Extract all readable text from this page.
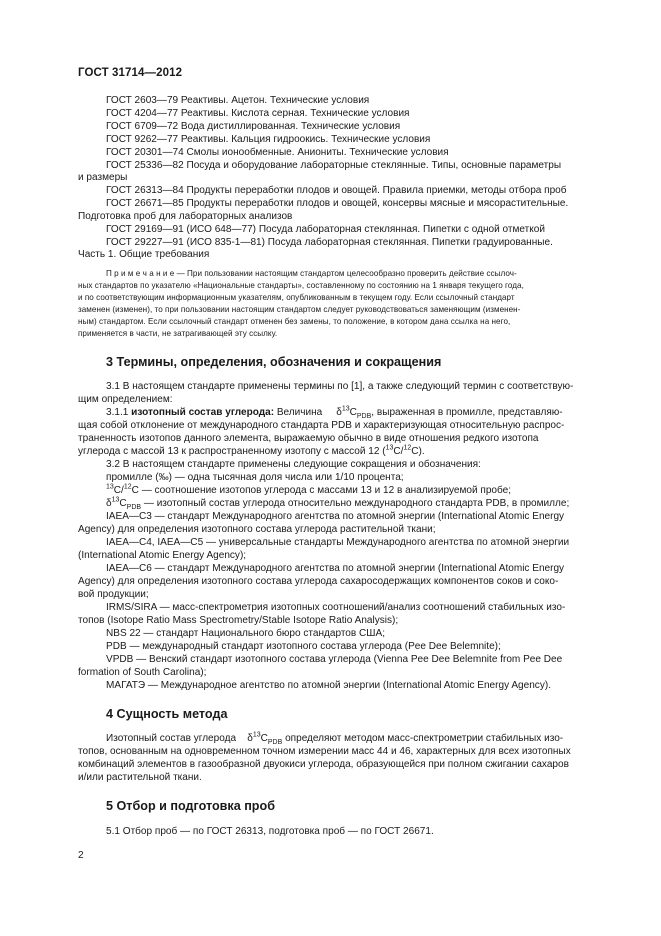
ГОСТ 31714—2012
ГОСТ 2603—79 Реактивы. Ацетон. Технические условия
ГОСТ 4204—77 Реактивы. Кислота серная. Технические условия
ГОСТ 6709—72 Вода дистиллированная. Технические условия
ГОСТ 9262—77 Реактивы. Кальция гидроокись. Технические условия
ГОСТ 20301—74 Смолы ионообменные. Аниониты. Технические условия
ГОСТ 25336—82 Посуда и оборудование лабораторные стеклянные. Типы, основные параметры
и размеры
ГОСТ 26313—84 Продукты переработки плодов и овощей. Правила приемки, методы отбора проб
ГОСТ 26671—85 Продукты переработки плодов и овощей, консервы мясные и мясорастительные.
Подготовка проб для лабораторных анализов
ГОСТ 29169—91 (ИСО 648—77) Посуда лабораторная стеклянная. Пипетки с одной отметкой
ГОСТ 29227—91 (ИСО 835-1—81) Посуда лабораторная стеклянная. Пипетки градуированные.
Часть 1. Общие требования
П р и м е ч а н и е — При пользовании настоящим стандартом целесообразно проверить действие ссылоч-
ных стандартов по указателю «Национальные стандарты», составленному по состоянию на 1 января текущего года,
и по соответствующим информационным указателям, опубликованным в текущем году. Если ссылочный стандарт
заменен (изменен), то при пользовании настоящим стандартом следует руководствоваться заменяющим (изменен-
ным) стандартом. Если ссылочный стандарт отменен без замены, то положение, в котором дана ссылка на него,
применяется в части, не затрагивающей эту ссылку.
3 Термины, определения, обозначения и сокращения
3.1 В настоящем стандарте применены термины по [1], а также следующий термин с соответствую-
щим определением:
3.1.1 изотопный состав углерода: Величина $\delta^{13}C_{PDB}$, выраженная в промилле, представляю-
щая собой отклонение от международного стандарта PDB и характеризующая относительную распрос-
траненность изотопов данного элемента, выражаемую обычно в виде отношения редкого изотопа
углерода с массой 13 к распространенному изотопу с массой 12 ($^{13}$C/$^{12}$C).
3.2 В настоящем стандарте применены следующие сокращения и обозначения:
промилле (‰) — одна тысячная доля числа или 1/10 процента;
$^{13}$C/$^{12}$C — соотношение изотопов углерода с массами 13 и 12 в анализируемой пробе;
$\delta^{13}C_{PDB}$ — изотопный состав углерода относительно международного стандарта PDB, в промилле;
IAEA—C3 — стандарт Международного агентства по атомной энергии (International Atomic Energy
Agency) для определения изотопного состава углерода растительной ткани;
IAEA—C4, IAEA—C5 — универсальные стандарты Международного агентства по атомной энергии
(International Atomic Energy Agency);
IAEA—C6 — стандарт Международного агентства по атомной энергии (International Atomic Energy
Agency) для определения изотопного состава углерода сахаросодержащих компонентов соков и соко-
вой продукции;
IRMS/SIRA — масс-спектрометрия изотопных соотношений/анализ соотношений стабильных изо-
топов (Isotope Ratio Mass Spectrometry/Stable Isotope Ratio Analysis);
NBS 22 — стандарт Национального бюро стандартов США;
PDB — международный стандарт изотопного состава углерода (Pee Dee Belemnite);
VPDB — Венский стандарт изотопного состава углерода (Vienna Pee Dee Belemnite from Pee Dee
formation of South Carolina);
МАГАТЭ — Международное агентство по атомной энергии (International Atomic Energy Agency).
4 Сущность метода
Изотопный состав углерода $\delta^{13}C_{PDB}$ определяют методом масс-спектрометрии стабильных изо-
топов, основанным на одновременном точном измерении масс 44 и 46, характерных для всех изотопных
комбинаций элементов в газообразной двуокиси углерода, образующейся при полном сжигании сахаров
и/или растительной ткани.
5 Отбор и подготовка проб
5.1 Отбор проб — по ГОСТ 26313, подготовка проб — по ГОСТ 26671.
2
